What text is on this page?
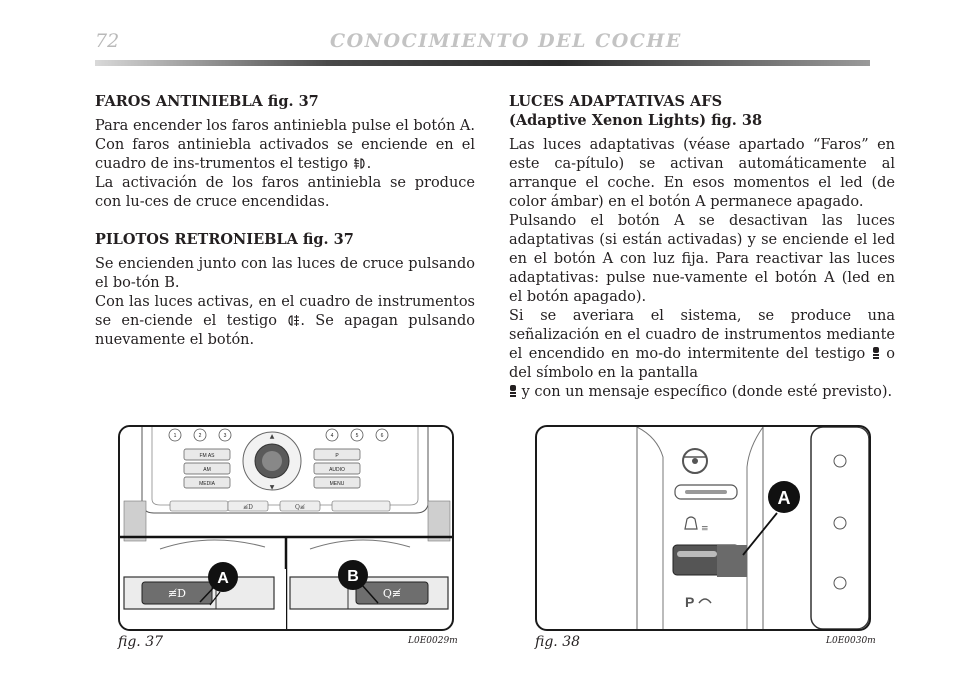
72	CONOCIMIENTO DEL COCHE
FAROS ANTINIEBLA fig. 37

Para encender los faros antiniebla pulse el botón A. Con faros antiniebla activados se enciende en el cuadro de ins-trumentos el testigo .

La activación de los faros antiniebla se produce con lu-ces de cruce encendidas.

PILOTOS RETRONIEBLA fig. 37

Se encienden junto con las luces de cruce pulsando el bo-tón B.

Con las luces activas, en el cuadro de instrumentos se en-ciende el testigo . Se apagan pulsando nuevamente el botón.

LUCES ADAPTATIVAS AFS
(Adaptive Xenon Lights) fig. 38

Las luces adaptativas (véase apartado “Faros” en este ca-pítulo) se activan automáticamente al arranque el coche. En esos momentos el led (de color ámbar) en el botón A permanece apagado.

Pulsando el botón A se desactivan las luces adaptativas (si están activadas) y se enciende el led en el botón A con luz fija. Para reactivar las luces adaptativas: pulse nue-vamente el botón A (led en el botón apagado).

Si se averiara el sistema, se produce una señalización en el cuadro de instrumentos mediante el encendido en mo-do intermitente del testigo o del símbolo en la pantalla
y con un mensaje específico (donde esté previsto).

▲
▼
≢D	Q≢
1	2	3	4	5	6
FM AS
AM
MEDIA
P
AUDIO
MENU
≢D
A
Q≢
B
fig. 37	L0E0029m
≡
P
A
fig. 38	L0E0030m
